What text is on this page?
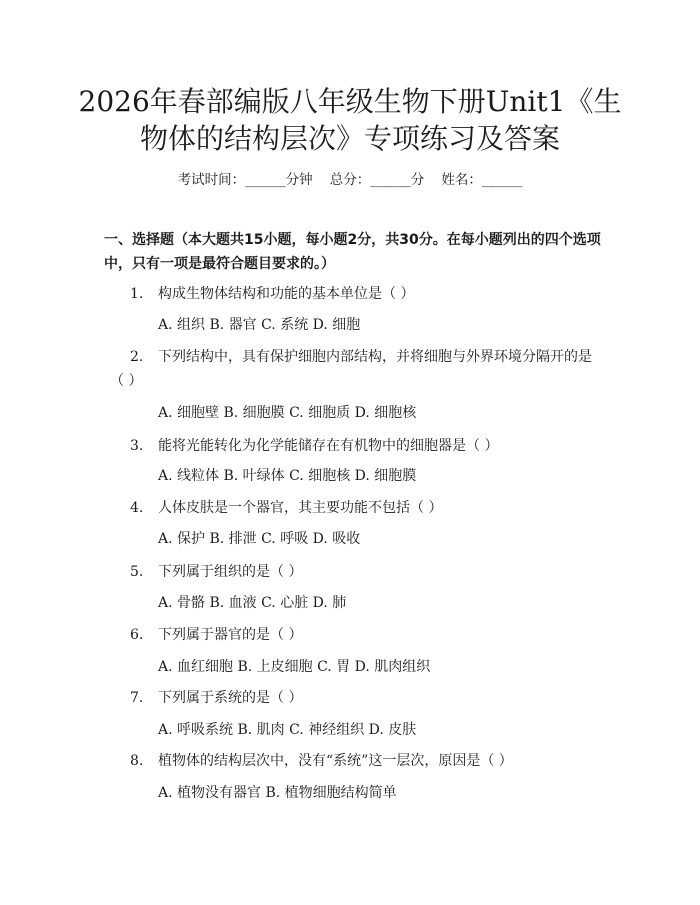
2026年春部编版八年级生物下册Unit1《生
物体的结构层次》专项练习及答案
考试时间：______分钟    总分：______分    姓名：______
一、选择题（本大题共15小题，每小题2分，共30分。在每小题列出的四个选项中，只有一项是最符合题目要求的。）
1. 构成生物体结构和功能的基本单位是（ ）
A. 组织 B. 器官 C. 系统 D. 细胞
2. 下列结构中，具有保护细胞内部结构，并将细胞与外界环境分隔开的是（ ）
A. 细胞壁 B. 细胞膜 C. 细胞质 D. 细胞核
3. 能将光能转化为化学能储存在有机物中的细胞器是（ ）
A. 线粒体 B. 叶绿体 C. 细胞核 D. 细胞膜
4. 人体皮肤是一个器官，其主要功能不包括（ ）
A. 保护 B. 排泄 C. 呼吸 D. 吸收
5. 下列属于组织的是（ ）
A. 骨骼 B. 血液 C. 心脏 D. 肺
6. 下列属于器官的是（ ）
A. 血红细胞 B. 上皮细胞 C. 胃 D. 肌肉组织
7. 下列属于系统的是（ ）
A. 呼吸系统 B. 肌肉 C. 神经组织 D. 皮肤
8. 植物体的结构层次中，没有“系统”这一层次，原因是（ ）
A. 植物没有器官 B. 植物细胞结构简单
